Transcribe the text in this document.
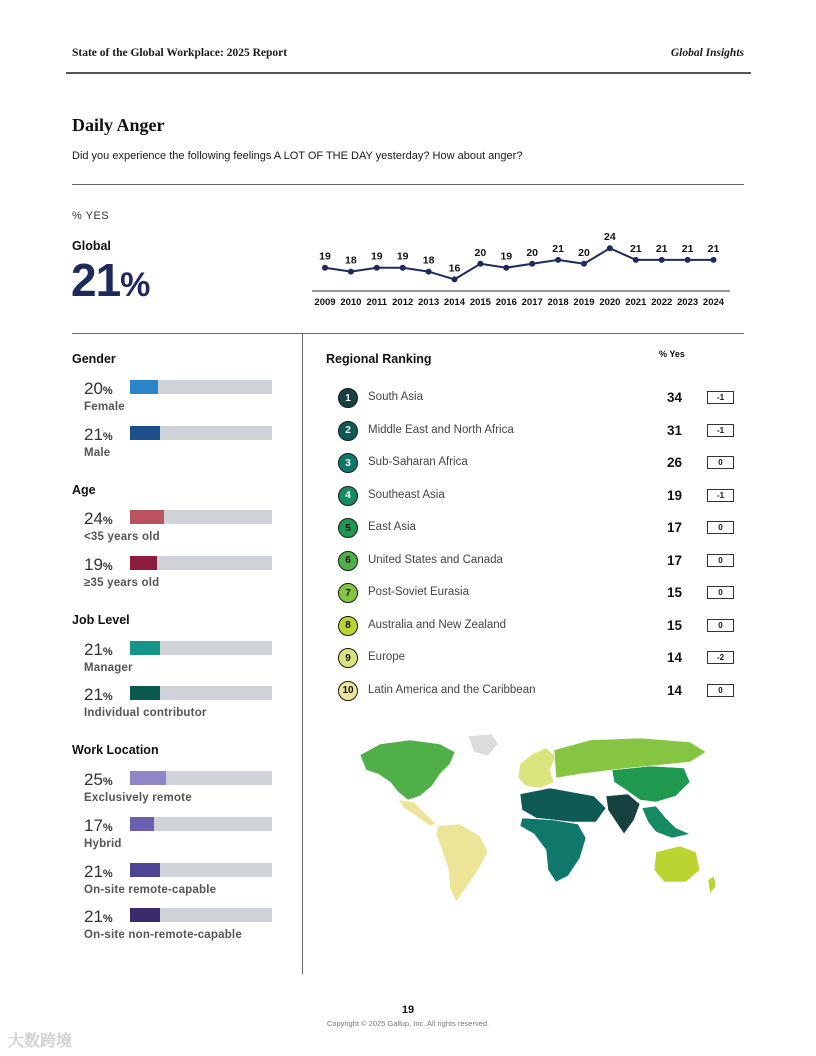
State of the Global Workplace: 2025 Report	Global Insights
Daily Anger
Did you experience the following feelings A LOT OF THE DAY yesterday? How about anger?
% YES
Global
21%
19
2009
18
2010
19
2011
19
2012
18
2013
16
2014
20
2015
19
2016
20
2017
21
2018
20
2019
24
2020
21
2021
21
2022
21
2023
21
2024
Gender
20%
Female
21%
Male
Age
24%
<35 years old
19%
≥35 years old
Job Level
21%
Manager
21%
Individual contributor
Work Location
25%
Exclusively remote
17%
Hybrid
21%
On-site remote-capable
21%
On-site non-remote-capable
Regional Ranking	% Yes
1	South Asia	34	-1
2	Middle East and North Africa	31	-1
3	Sub-Saharan Africa	26	0
4	Southeast Asia	19	-1
5	East Asia	17	0
6	United States and Canada	17	0
7	Post-Soviet Eurasia	15	0
8	Australia and New Zealand	15	0
9	Europe	14	-2
10	Latin America and the Caribbean	14	0
19
Copyright © 2025 Gallup, Inc. All rights reserved.
大数跨境
